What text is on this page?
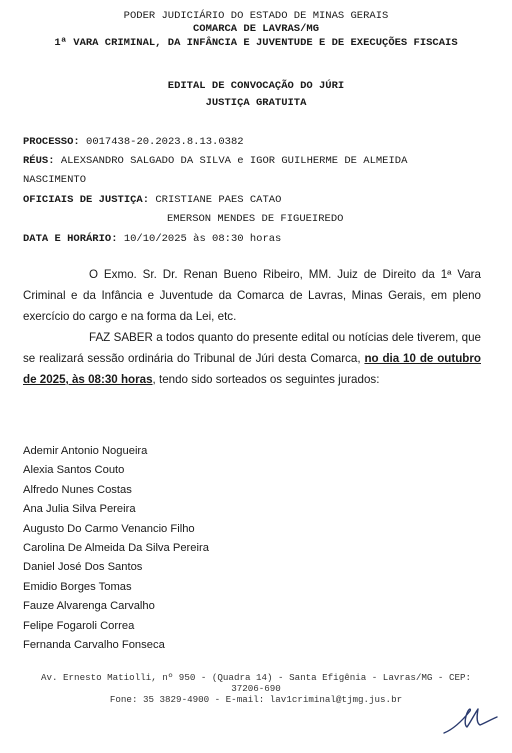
PODER JUDICIÁRIO DO ESTADO DE MINAS GERAIS
COMARCA DE LAVRAS/MG
1ª VARA CRIMINAL, DA INFÂNCIA E JUVENTUDE E DE EXECUÇÕES FISCAIS
EDITAL DE CONVOCAÇÃO DO JÚRI
JUSTIÇA GRATUITA
PROCESSO: 0017438-20.2023.8.13.0382
RÉUS: ALEXSANDRO SALGADO DA SILVA e IGOR GUILHERME DE ALMEIDA
NASCIMENTO
OFICIAIS DE JUSTIÇA: CRISTIANE PAES CATAO
EMERSON MENDES DE FIGUEIREDO
DATA E HORÁRIO: 10/10/2025 às 08:30 horas

O Exmo. Sr. Dr. Renan Bueno Ribeiro, MM. Juiz de Direito da 1ª Vara Criminal e da Infância e Juventude da Comarca de Lavras, Minas Gerais, em pleno exercício do cargo e na forma da Lei, etc.

FAZ SABER a todos quanto do presente edital ou notícias dele tiverem, que se realizará sessão ordinária do Tribunal de Júri desta Comarca, no dia 10 de outubro de 2025, às 08:30 horas, tendo sido sorteados os seguintes jurados:

Ademir Antonio Nogueira
Alexia Santos Couto
Alfredo Nunes Costas
Ana Julia Silva Pereira
Augusto Do Carmo Venancio Filho
Carolina De Almeida Da Silva Pereira
Daniel José Dos Santos
Emidio Borges Tomas
Fauze Alvarenga Carvalho
Felipe Fogaroli Correa
Fernanda Carvalho Fonseca
Av. Ernesto Matiolli, nº 950 - (Quadra 14) - Santa Efigênia - Lavras/MG - CEP:
37206-690
Fone: 35 3829-4900 - E-mail: lav1criminal@tjmg.jus.br
